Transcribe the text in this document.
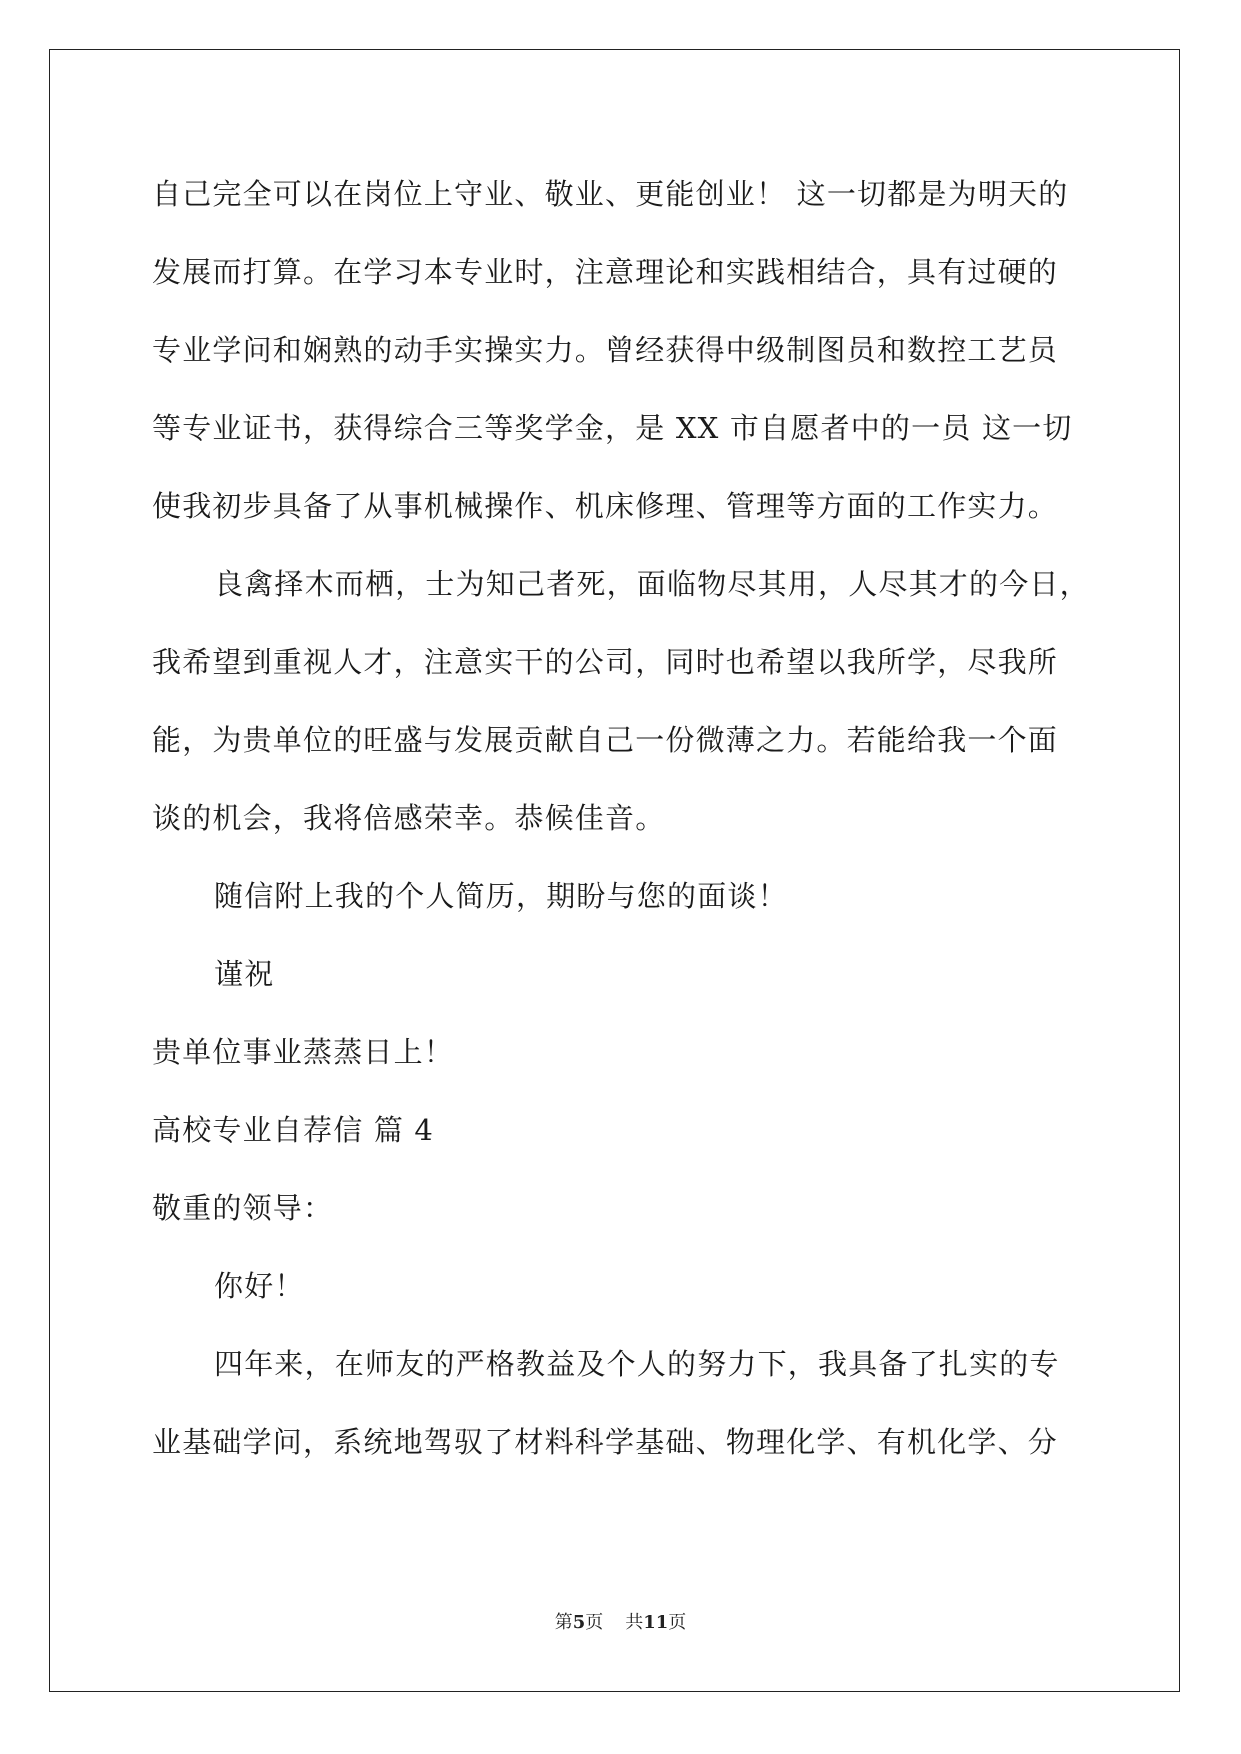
自己完全可以在岗位上守业、敬业、更能创业！ 这一切都是为明天的
发展而打算。在学习本专业时，注意理论和实践相结合，具有过硬的
专业学问和娴熟的动手实操实力。曾经获得中级制图员和数控工艺员
等专业证书，获得综合三等奖学金，是 XX 市自愿者中的一员 这一切
使我初步具备了从事机械操作、机床修理、管理等方面的工作实力。
良禽择木而栖，士为知己者死，面临物尽其用，人尽其才的今日，
我希望到重视人才，注意实干的公司，同时也希望以我所学，尽我所
能，为贵单位的旺盛与发展贡献自己一份微薄之力。若能给我一个面
谈的机会，我将倍感荣幸。恭候佳音。
随信附上我的个人简历，期盼与您的面谈！
谨祝
贵单位事业蒸蒸日上！
高校专业自荐信 篇 4
敬重的领导：
你好！
四年来，在师友的严格教益及个人的努力下，我具备了扎实的专
业基础学问，系统地驾驭了材料科学基础、物理化学、有机化学、分
第5页 共11页
